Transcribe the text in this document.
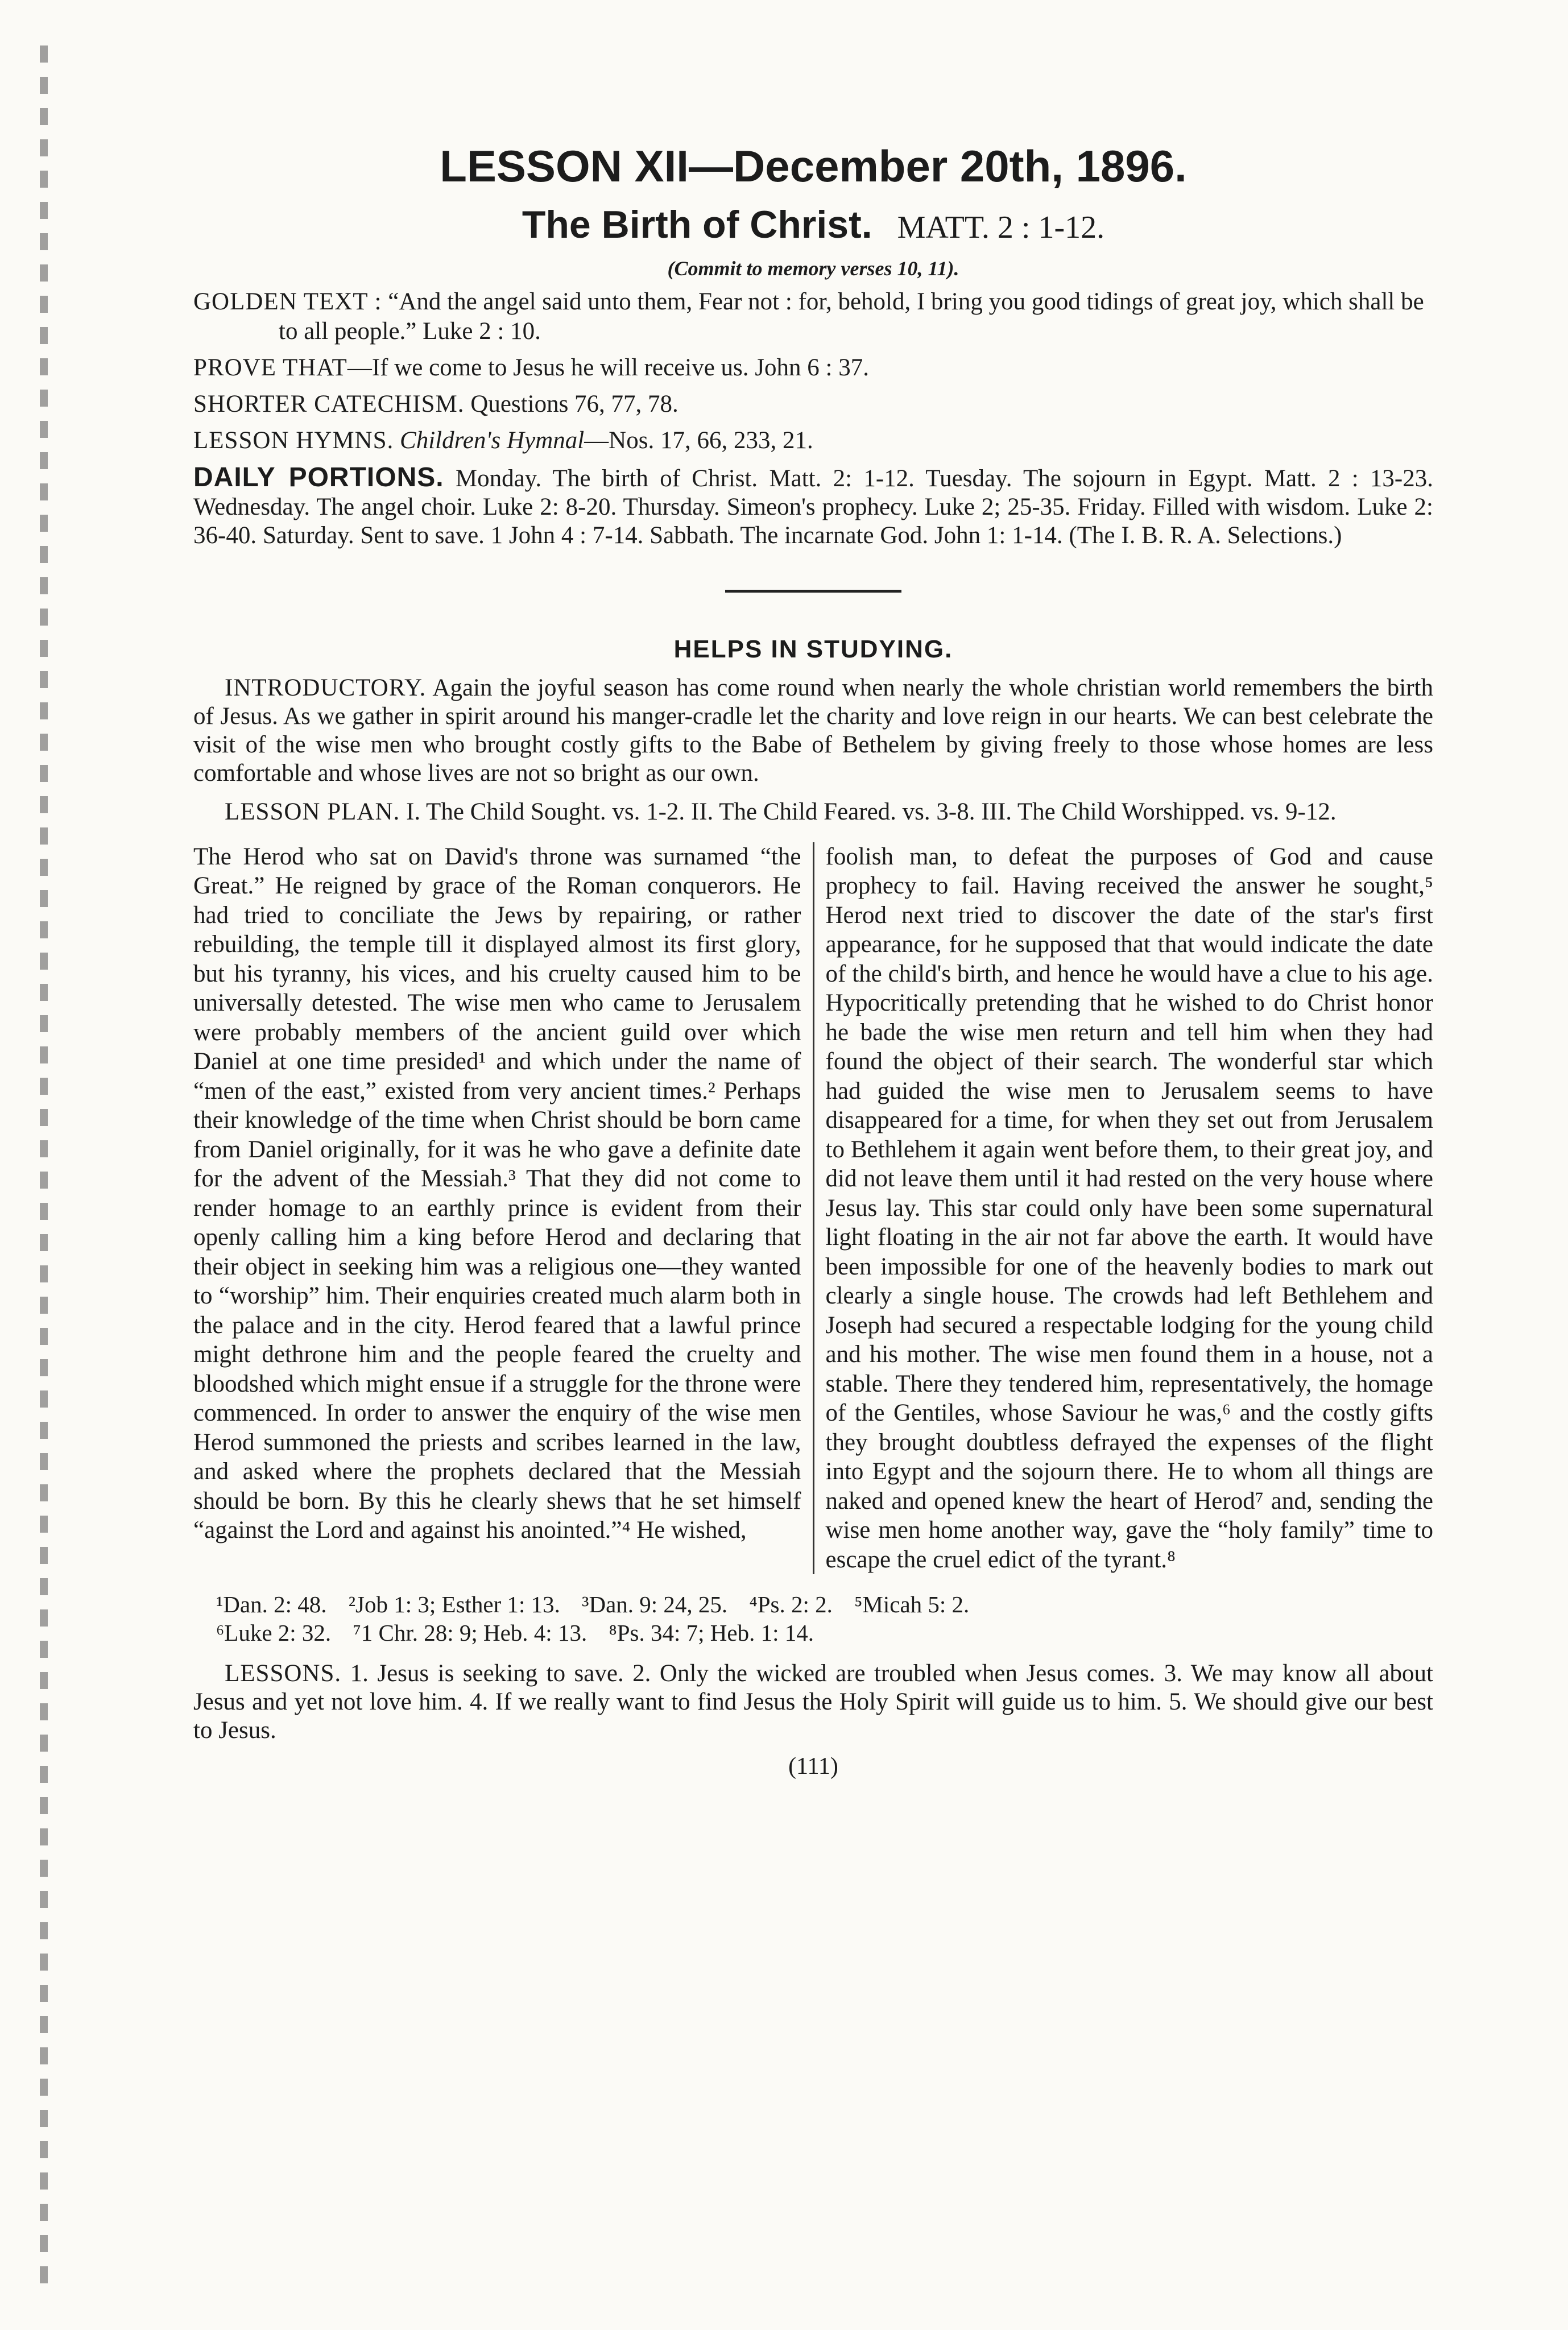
LESSON XII—December 20th, 1896.
The Birth of Christ. MATT. 2 : 1-12.
(Commit to memory verses 10, 11).
GOLDEN TEXT : “And the angel said unto them, Fear not : for, behold, I bring you good tidings of great joy, which shall be to all people.” Luke 2 : 10.
PROVE THAT—If we come to Jesus he will receive us. John 6 : 37.
SHORTER CATECHISM. Questions 76, 77, 78.
LESSON HYMNS. Children's Hymnal—Nos. 17, 66, 233, 21.
DAILY PORTIONS. Monday. The birth of Christ. Matt. 2: 1-12. Tuesday. The sojourn in Egypt. Matt. 2 : 13-23. Wednesday. The angel choir. Luke 2: 8-20. Thursday. Simeon's prophecy. Luke 2; 25-35. Friday. Filled with wisdom. Luke 2: 36-40. Saturday. Sent to save. 1 John 4 : 7-14. Sabbath. The incarnate God. John 1: 1-14. (The I. B. R. A. Selections.)
HELPS IN STUDYING.
INTRODUCTORY. Again the joyful season has come round when nearly the whole christian world remembers the birth of Jesus. As we gather in spirit around his manger-cradle let the charity and love reign in our hearts. We can best celebrate the visit of the wise men who brought costly gifts to the Babe of Bethelem by giving freely to those whose homes are less comfortable and whose lives are not so bright as our own.
LESSON PLAN. I. The Child Sought. vs. 1-2. II. The Child Feared. vs. 3-8. III. The Child Worshipped. vs. 9-12.

The Herod who sat on David's throne was surnamed “the Great.” He reigned by grace of the Roman conquerors. He had tried to conciliate the Jews by repairing, or rather rebuilding, the temple till it displayed almost its first glory, but his tyranny, his vices, and his cruelty caused him to be universally detested. The wise men who came to Jerusalem were probably members of the ancient guild over which Daniel at one time presided¹ and which under the name of “men of the east,” existed from very ancient times.² Perhaps their knowledge of the time when Christ should be born came from Daniel originally, for it was he who gave a definite date for the advent of the Messiah.³ That they did not come to render homage to an earthly prince is evident from their openly calling him a king before Herod and declaring that their object in seeking him was a religious one—they wanted to “worship” him. Their enquiries created much alarm both in the palace and in the city. Herod feared that a lawful prince might dethrone him and the people feared the cruelty and bloodshed which might ensue if a struggle for the throne were commenced. In order to answer the enquiry of the wise men Herod summoned the priests and scribes learned in the law, and asked where the prophets declared that the Messiah should be born. By this he clearly shews that he set himself “against the Lord and against his anointed.”⁴ He wished,

foolish man, to defeat the purposes of God and cause prophecy to fail. Having received the answer he sought,⁵ Herod next tried to discover the date of the star's first appearance, for he supposed that that would indicate the date of the child's birth, and hence he would have a clue to his age. Hypocritically pretending that he wished to do Christ honor he bade the wise men return and tell him when they had found the object of their search. The wonderful star which had guided the wise men to Jerusalem seems to have disappeared for a time, for when they set out from Jerusalem to Bethlehem it again went before them, to their great joy, and did not leave them until it had rested on the very house where Jesus lay. This star could only have been some supernatural light floating in the air not far above the earth. It would have been impossible for one of the heavenly bodies to mark out clearly a single house. The crowds had left Bethlehem and Joseph had secured a respectable lodging for the young child and his mother. The wise men found them in a house, not a stable. There they tendered him, representatively, the homage of the Gentiles, whose Saviour he was,⁶ and the costly gifts they brought doubtless defrayed the expenses of the flight into Egypt and the sojourn there. He to whom all things are naked and opened knew the heart of Herod⁷ and, sending the wise men home another way, gave the “holy family” time to escape the cruel edict of the tyrant.⁸

¹Dan. 2: 48. ²Job 1: 3; Esther 1: 13. ³Dan. 9: 24, 25. ⁴Ps. 2: 2. ⁵Micah 5: 2.
⁶Luke 2: 32. ⁷1 Chr. 28: 9; Heb. 4: 13. ⁸Ps. 34: 7; Heb. 1: 14.
LESSONS. 1. Jesus is seeking to save. 2. Only the wicked are troubled when Jesus comes. 3. We may know all about Jesus and yet not love him. 4. If we really want to find Jesus the Holy Spirit will guide us to him. 5. We should give our best to Jesus.
(111)
